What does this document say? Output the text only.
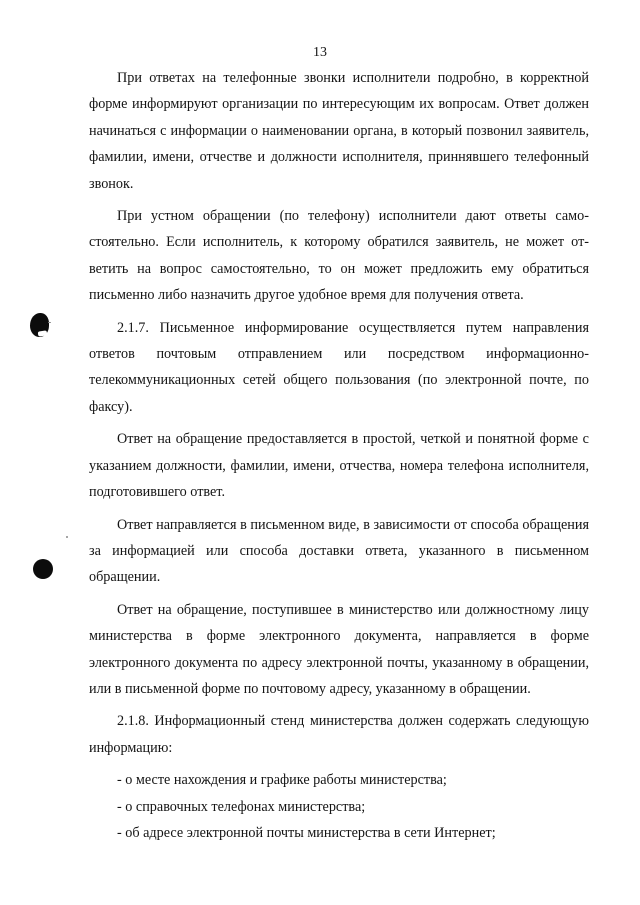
13

При ответах на телефонные звонки исполнители подробно, в корректной форме информируют организации по интересующим их вопросам. Ответ должен начинаться с информации о наименовании органа, в который позвонил заявитель, фамилии, имени, отчестве и должности исполнителя, приннявшего телефонный звонок.

При устном обращении (по телефону) исполнители дают ответы самостоятельно. Если исполнитель, к которому обратился заявитель, не может ответить на вопрос самостоятельно, то он может предложить ему обратиться письменно либо назначить другое удобное время для получения ответа.

2.1.7. Письменное информирование осуществляется путем направления ответов почтовым отправлением или посредством информационно-телекоммуникационных сетей общего пользования (по электронной почте, по факсу).

Ответ на обращение предоставляется в простой, четкой и понятной форме с указанием должности, фамилии, имени, отчества, номера телефона исполнителя, подготовившего ответ.

Ответ направляется в письменном виде, в зависимости от способа обращения за информацией или способа доставки ответа, указанного в письменном обращении.

Ответ на обращение, поступившее в министерство или должностному лицу министерства в форме электронного документа, направляется в форме электронного документа по адресу электронной почты, указанному в обращении, или в письменной форме по почтовому адресу, указанному в обращении.

2.1.8. Информационный стенд министерства должен содержать следующую информацию:

- о месте нахождения и графике работы министерства;

- о справочных телефонах министерства;

- об адресе электронной почты министерства в сети Интернет;
